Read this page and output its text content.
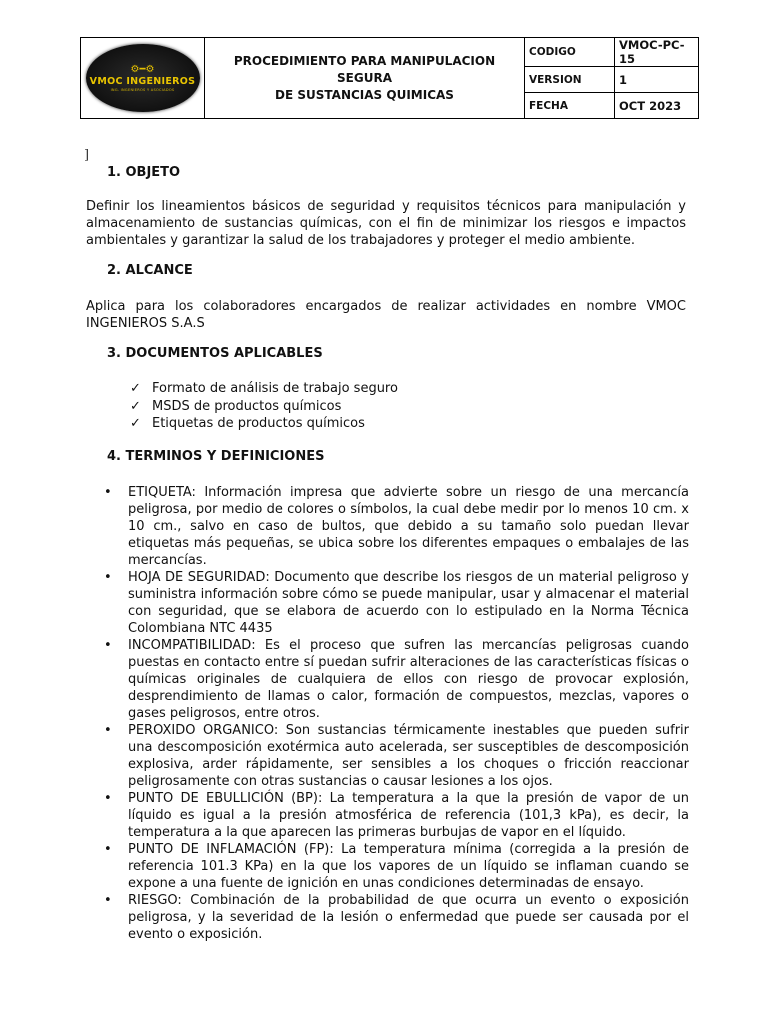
⚙━⚙
VMOC INGENIEROS
ING. INGENIEROS Y ASOCIADOS
PROCEDIMIENTO PARA MANIPULACION SEGURA
DE SUSTANCIAS QUIMICAS
CODIGO	VMOC-PC-15
VERSION	1
FECHA	OCT 2023
]
1. OBJETO
Definir los lineamientos básicos de seguridad y requisitos técnicos para manipulación y almacenamiento de sustancias químicas, con el fin de minimizar los riesgos e impactos ambientales y garantizar la salud de los trabajadores y proteger el medio ambiente.
2. ALCANCE
Aplica para los colaboradores encargados de realizar actividades en nombre VMOC INGENIEROS S.A.S
3. DOCUMENTOS APLICABLES
✓ Formato de análisis de trabajo seguro
✓ MSDS de productos químicos
✓ Etiquetas de productos químicos
4. TERMINOS Y DEFINICIONES
•	ETIQUETA: Información impresa que advierte sobre un riesgo de una mercancía peligrosa, por medio de colores o símbolos, la cual debe medir por lo menos 10 cm. x 10 cm., salvo en caso de bultos, que debido a su tamaño solo puedan llevar etiquetas más pequeñas, se ubica sobre los diferentes empaques o embalajes de las mercancías.
•	HOJA DE SEGURIDAD: Documento que describe los riesgos de un material peligroso y suministra información sobre cómo se puede manipular, usar y almacenar el material con seguridad, que se elabora de acuerdo con lo estipulado en la Norma Técnica Colombiana NTC 4435
•	INCOMPATIBILIDAD: Es el proceso que sufren las mercancías peligrosas cuando puestas en contacto entre sí puedan sufrir alteraciones de las características físicas o químicas originales de cualquiera de ellos con riesgo de provocar explosión, desprendimiento de llamas o calor, formación de compuestos, mezclas, vapores o gases peligrosos, entre otros.
•	PEROXIDO ORGANICO: Son sustancias térmicamente inestables que pueden sufrir una descomposición exotérmica auto acelerada, ser susceptibles de descomposición explosiva, arder rápidamente, ser sensibles a los choques o fricción reaccionar peligrosamente con otras sustancias o causar lesiones a los ojos.
•	PUNTO DE EBULLICIÓN (BP): La temperatura a la que la presión de vapor de un líquido es igual a la presión atmosférica de referencia (101,3 kPa), es decir, la temperatura a la que aparecen las primeras burbujas de vapor en el líquido.
•	PUNTO DE INFLAMACIÓN (FP): La temperatura mínima (corregida a la presión de referencia 101.3 KPa) en la que los vapores de un líquido se inflaman cuando se expone a una fuente de ignición en unas condiciones determinadas de ensayo.
•	RIESGO: Combinación de la probabilidad de que ocurra un evento o exposición peligrosa, y la severidad de la lesión o enfermedad que puede ser causada por el evento o exposición.
